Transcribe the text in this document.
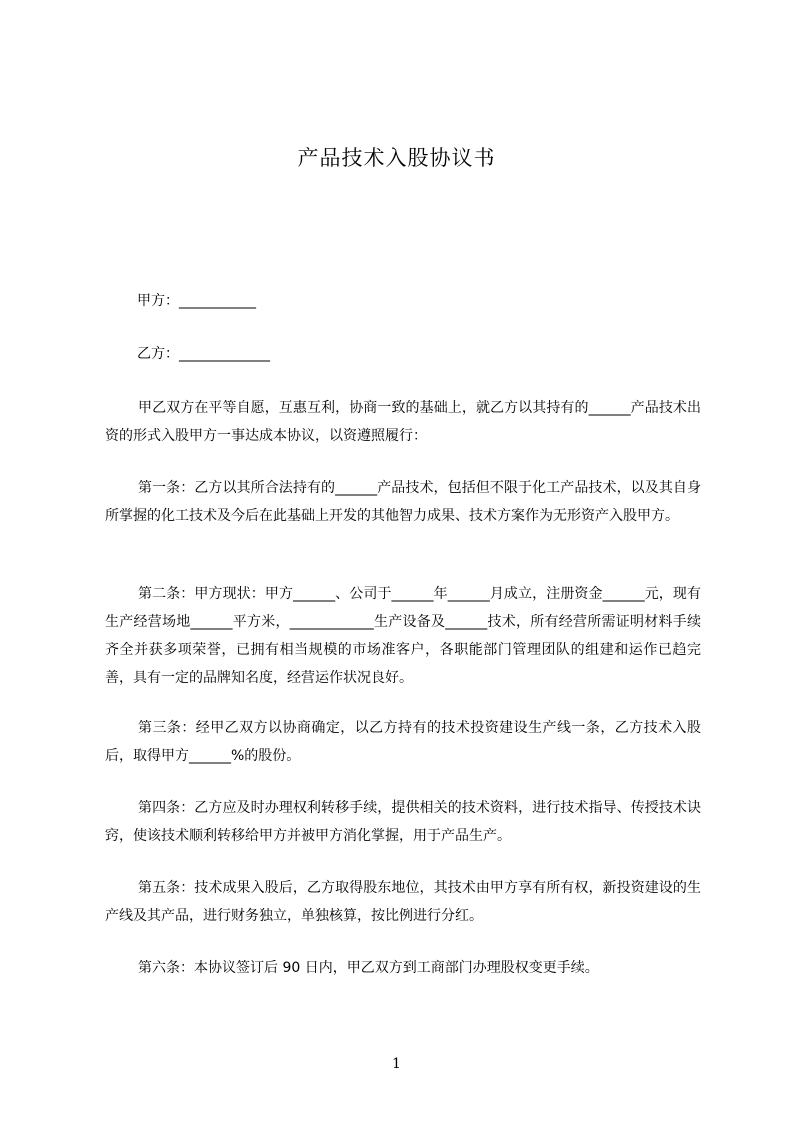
产品技术入股协议书

甲方：___________

乙方：_____________

甲乙双方在平等自愿，互惠互利，协商一致的基础上，就乙方以其持有的______产品技术出资的形式入股甲方一事达成本协议，以资遵照履行：

第一条：乙方以其所合法持有的______产品技术，包括但不限于化工产品技术，以及其自身所掌握的化工技术及今后在此基础上开发的其他智力成果、技术方案作为无形资产入股甲方。

第二条：甲方现状：甲方______、公司于______年______月成立，注册资金______元，现有生产经营场地______平方米，____________生产设备及______技术，所有经营所需证明材料手续齐全并获多项荣誉，已拥有相当规模的市场准客户，各职能部门管理团队的组建和运作已趋完善，具有一定的品牌知名度，经营运作状况良好。

第三条：经甲乙双方以协商确定，以乙方持有的技术投资建设生产线一条，乙方技术入股后，取得甲方______%的股份。

第四条：乙方应及时办理权利转移手续，提供相关的技术资料，进行技术指导、传授技术诀窍，使该技术顺利转移给甲方并被甲方消化掌握，用于产品生产。

第五条：技术成果入股后，乙方取得股东地位，其技术由甲方享有所有权，新投资建设的生产线及其产品，进行财务独立，单独核算，按比例进行分红。

第六条：本协议签订后 90 日内，甲乙双方到工商部门办理股权变更手续。

1
